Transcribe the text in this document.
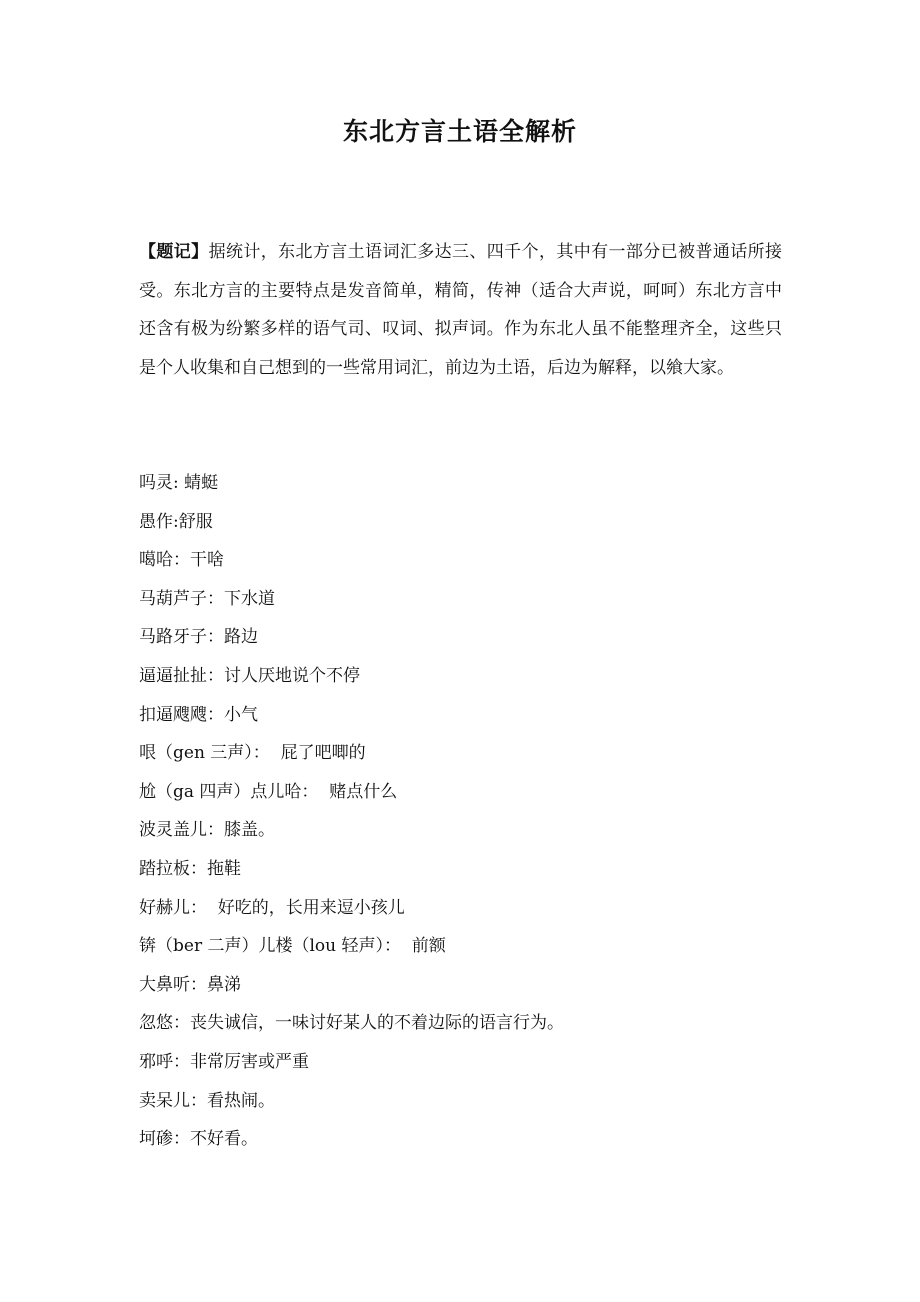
东北方言土语全解析

【题记】据统计，东北方言土语词汇多达三、四千个，其中有一部分已被普通话所接受。东北方言的主要特点是发音简单，精简，传神（适合大声说，呵呵）东北方言中还含有极为纷繁多样的语气司、叹词、拟声词。作为东北人虽不能整理齐全，这些只是个人收集和自己想到的一些常用词汇，前边为土语，后边为解释，以飨大家。

吗灵: 蜻蜓
愚作:舒服
噶哈：干啥
马葫芦子：下水道
马路牙子：路边
逼逼扯扯：讨人厌地说个不停
扣逼飕飕：小气
哏（gen 三声）：  屁了吧唧的
尬（ga 四声）点儿哈：  赌点什么
波灵盖儿：膝盖。
踏拉板：拖鞋
好赫儿：  好吃的，长用来逗小孩儿
锛（ber 二声）儿楼（lou 轻声）：  前额
大鼻听：鼻涕
忽悠：丧失诚信，一味讨好某人的不着边际的语言行为。
邪呼：非常厉害或严重
卖呆儿：看热闹。
坷碜：不好看。
